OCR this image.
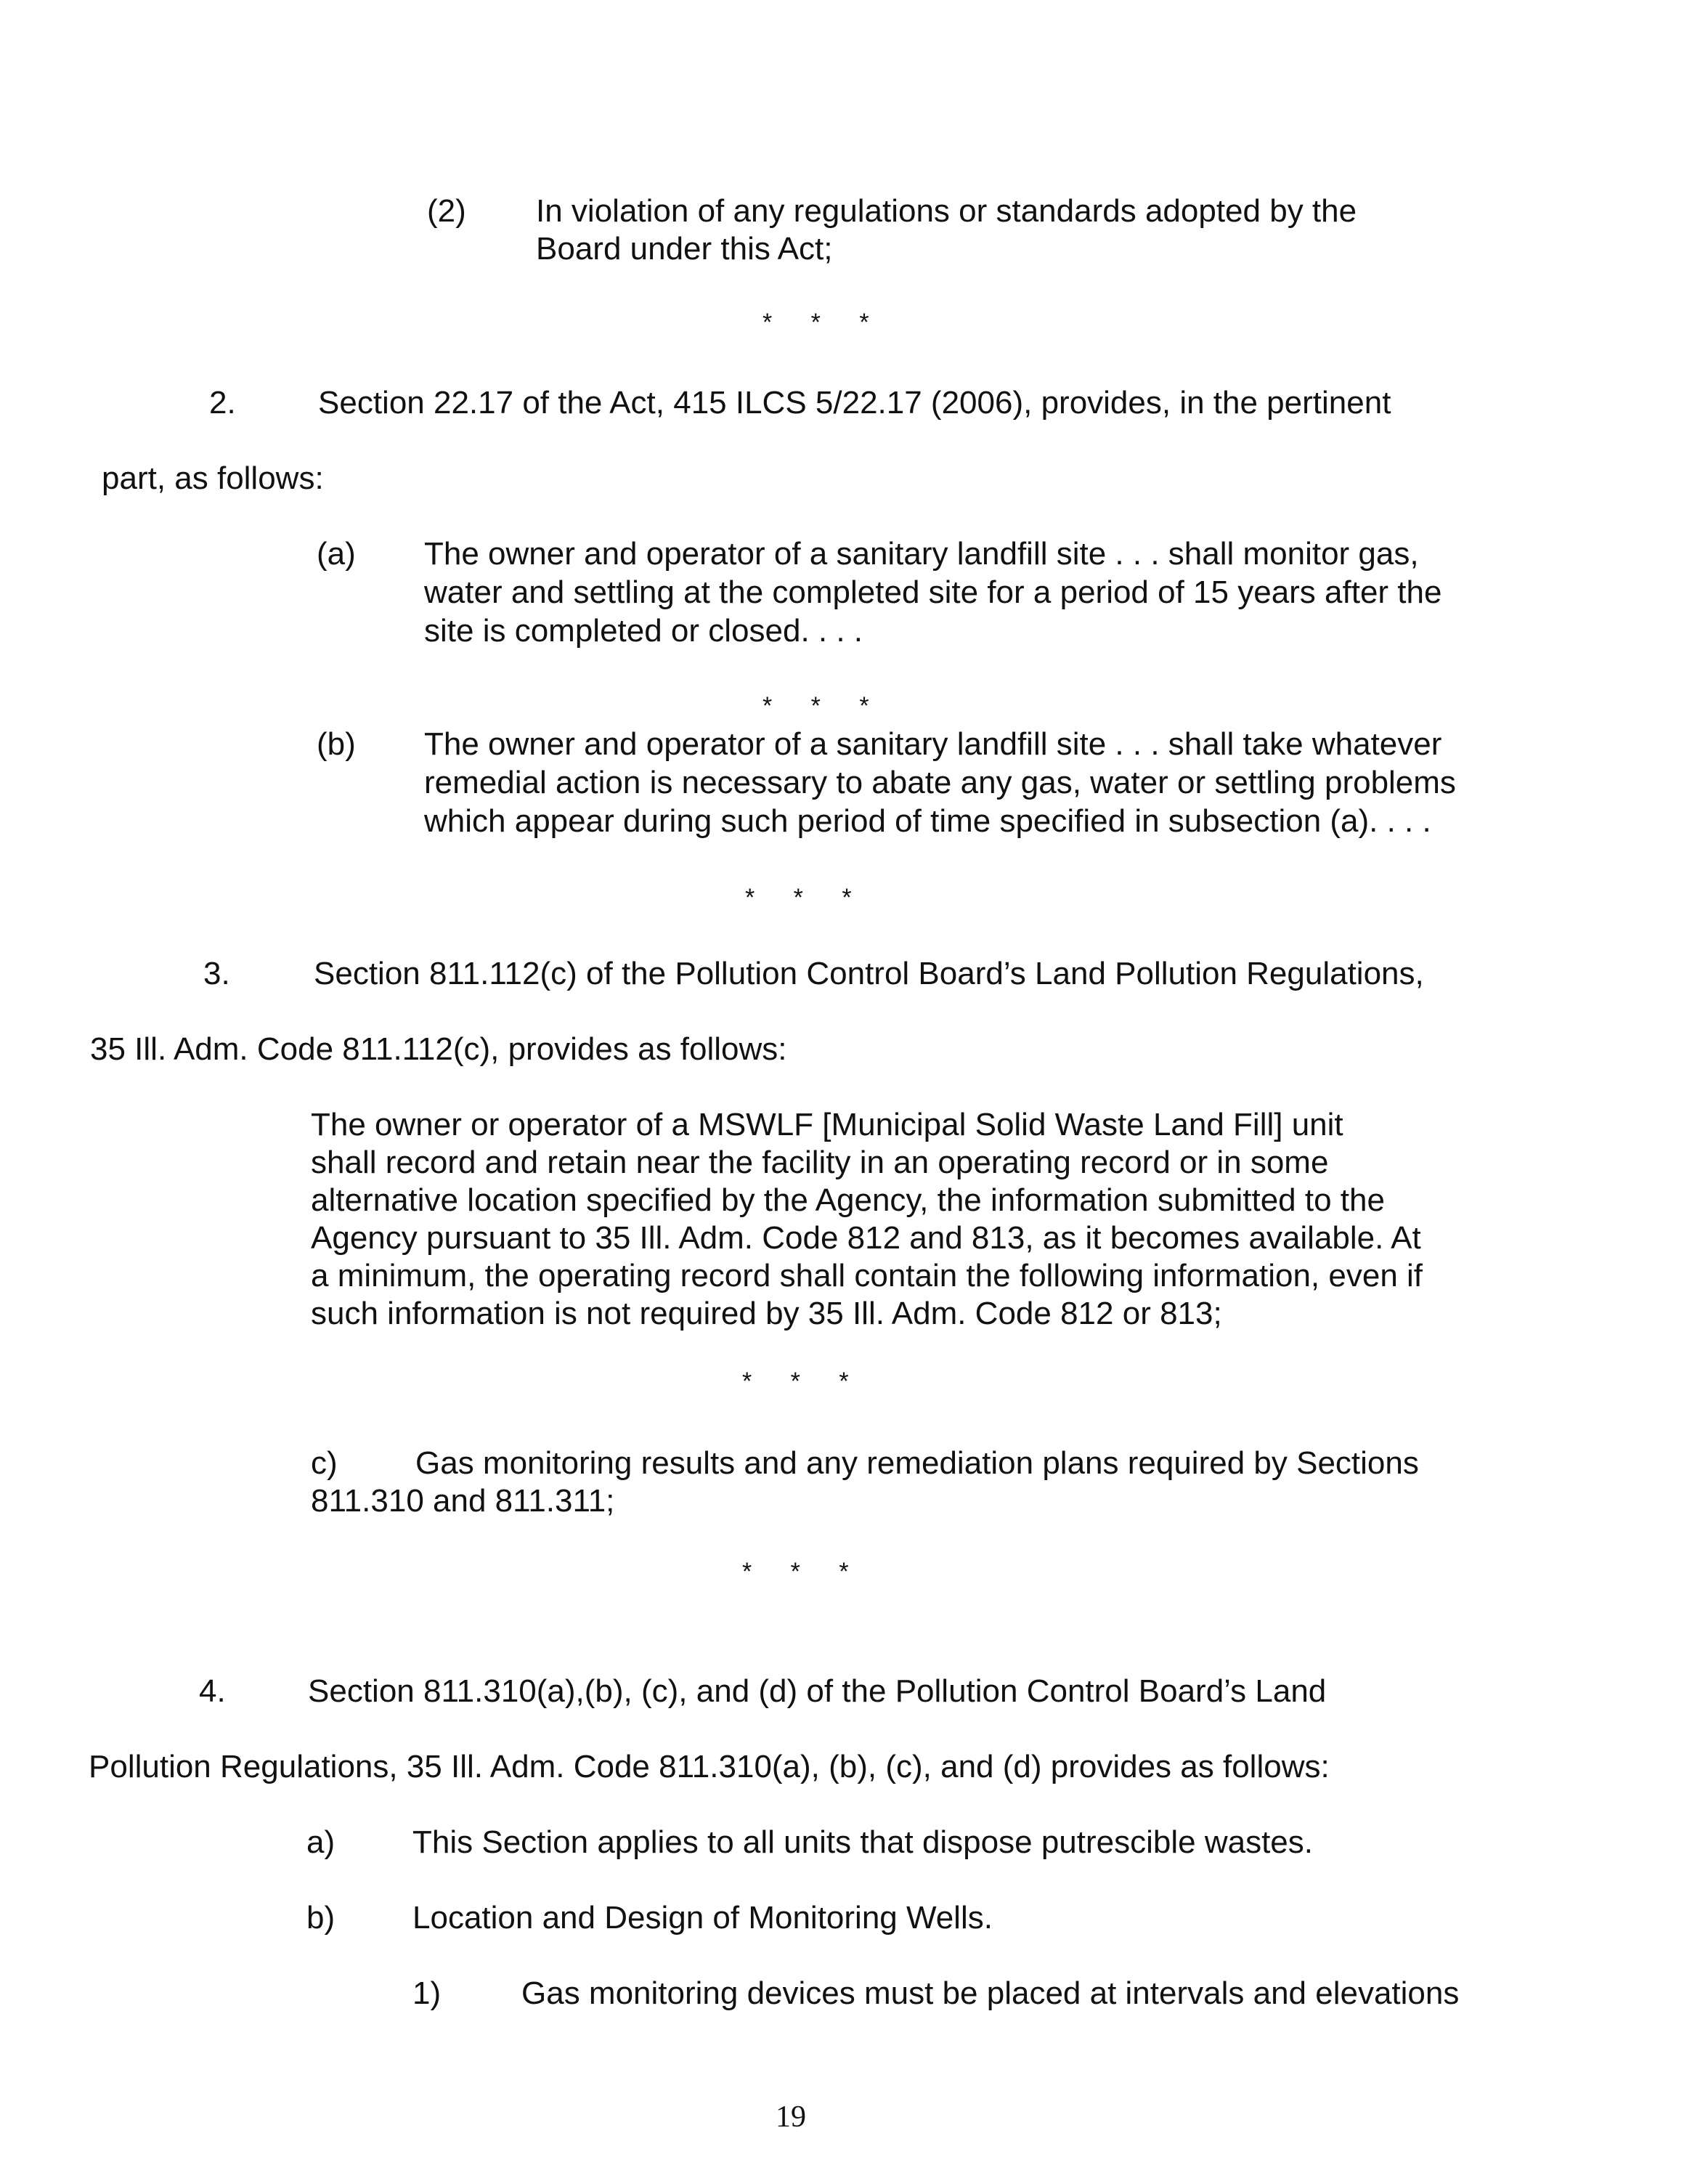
(2) In violation of any regulations or standards adopted by the

Board under this Act;

* * *

2.	Section 22.17 of the Act, 415 ILCS 5/22.17 (2006), provides, in the pertinent

part, as follows:

(a) The owner and operator of a sanitary landfill site . . . shall monitor gas,

water and settling at the completed site for a period of 15 years after the

site is completed or closed. . . .

* * *

(b) The owner and operator of a sanitary landfill site . . . shall take whatever

remedial action is necessary to abate any gas, water or settling problems

which appear during such period of time specified in subsection (a). . . .

* * *

3.	Section 811.112(c) of the Pollution Control Board’s Land Pollution Regulations,

35 Ill. Adm. Code 811.112(c), provides as follows:

The owner or operator of a MSWLF [Municipal Solid Waste Land Fill] unit

shall record and retain near the facility in an operating record or in some

alternative location specified by the Agency, the information submitted to the

Agency pursuant to 35 Ill. Adm. Code 812 and 813, as it becomes available. At

a minimum, the operating record shall contain the following information, even if

such information is not required by 35 Ill. Adm. Code 812 or 813;

* * *

c) Gas monitoring results and any remediation plans required by Sections

811.310 and 811.311;

* * *

4.	Section 811.310(a),(b), (c), and (d) of the Pollution Control Board’s Land

Pollution Regulations, 35 Ill. Adm. Code 811.310(a), (b), (c), and (d) provides as follows:

a) This Section applies to all units that dispose putrescible wastes.

b) Location and Design of Monitoring Wells.

1)	Gas monitoring devices must be placed at intervals and elevations

19
